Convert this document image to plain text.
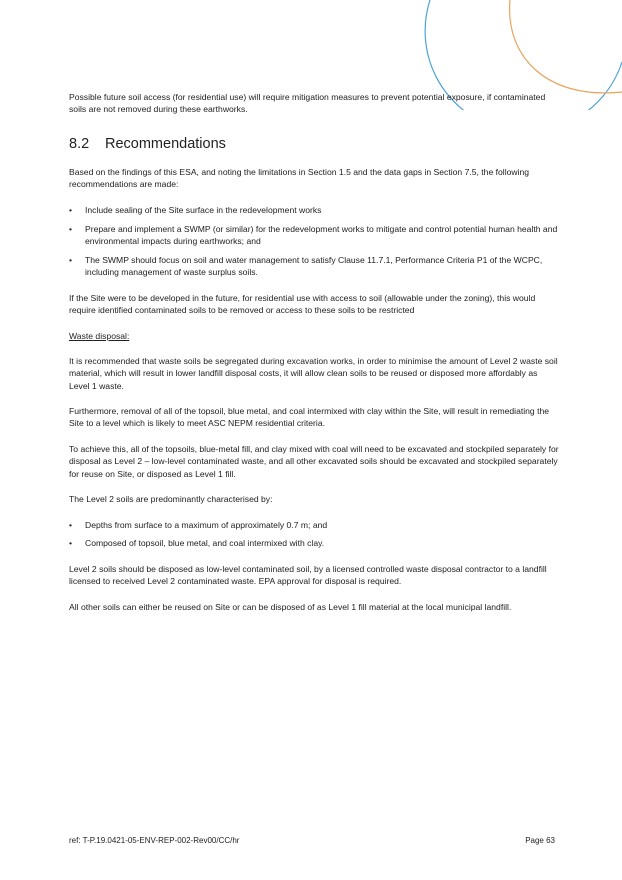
Possible future soil access (for residential use) will require mitigation measures to prevent potential exposure, if contaminated soils are not removed during these earthworks.

8.2 Recommendations

Based on the findings of this ESA, and noting the limitations in Section 1.5 and the data gaps in Section 7.5, the following recommendations are made:

• Include sealing of the Site surface in the redevelopment works
• Prepare and implement a SWMP (or similar) for the redevelopment works to mitigate and control potential human health and environmental impacts during earthworks; and
• The SWMP should focus on soil and water management to satisfy Clause 11.7.1, Performance Criteria P1 of the WCPC, including management of waste surplus soils.

If the Site were to be developed in the future, for residential use with access to soil (allowable under the zoning), this would require identified contaminated soils to be removed or access to these soils to be restricted

Waste disposal:

It is recommended that waste soils be segregated during excavation works, in order to minimise the amount of Level 2 waste soil material, which will result in lower landfill disposal costs, it will allow clean soils to be reused or disposed more affordably as Level 1 waste.

Furthermore, removal of all of the topsoil, blue metal, and coal intermixed with clay within the Site, will result in remediating the Site to a level which is likely to meet ASC NEPM residential criteria.

To achieve this, all of the topsoils, blue-metal fill, and clay mixed with coal will need to be excavated and stockpiled separately for disposal as Level 2 – low-level contaminated waste, and all other excavated soils should be excavated and stockpiled separately for reuse on Site, or disposed as Level 1 fill.

The Level 2 soils are predominantly characterised by:

• Depths from surface to a maximum of approximately 0.7 m; and
• Composed of topsoil, blue metal, and coal intermixed with clay.

Level 2 soils should be disposed as low-level contaminated soil, by a licensed controlled waste disposal contractor to a landfill licensed to received Level 2 contaminated waste. EPA approval for disposal is required.

All other soils can either be reused on Site or can be disposed of as Level 1 fill material at the local municipal landfill.

ref: T-P.19.0421-05-ENV-REP-002-Rev00/CC/hr	Page 63
